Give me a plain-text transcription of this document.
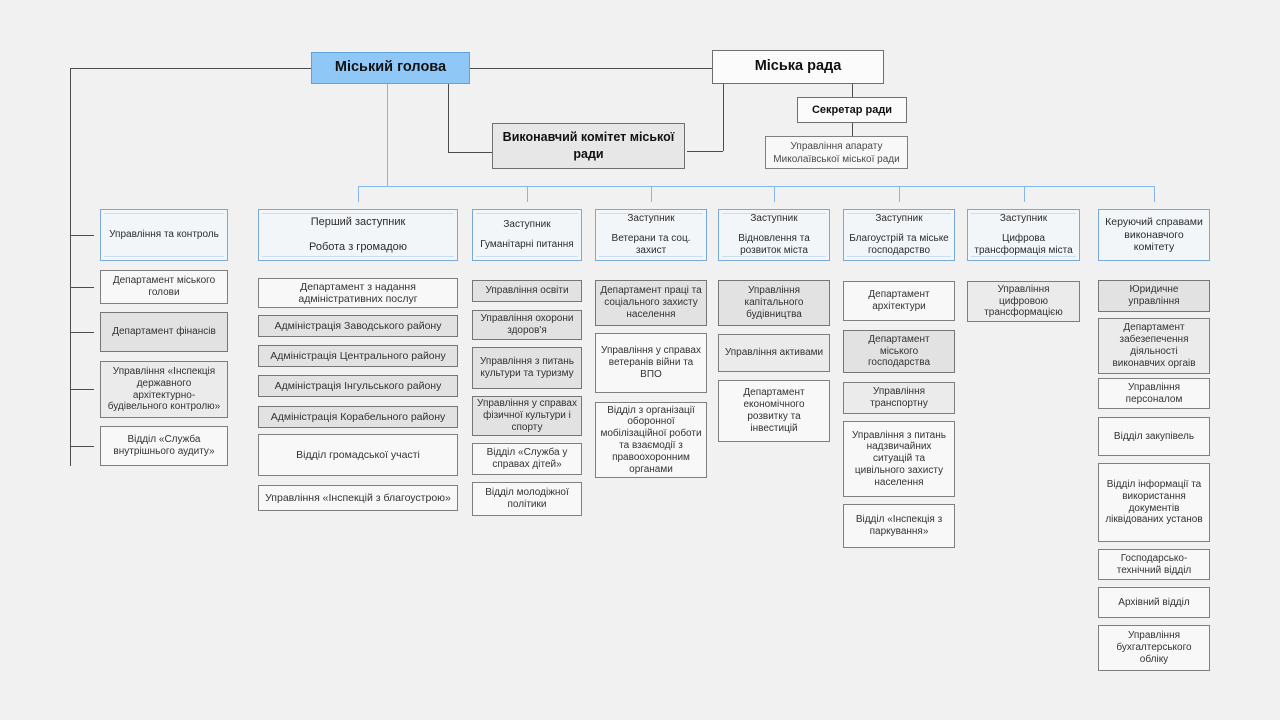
Міський голова	Міська рада
Виконавчий комітет міської ради
Секретар ради
Управління апарату Миколаївської міської ради
Управління та контроль
Перший заступник
Робота з громадою
Заступник
Гуманітарні питання
Заступник
Ветерани та соц. захист
Заступник
Відновлення та розвиток міста
Заступник
Благоустрій та міське господарство
Заступник
Цифрова трансформація міста
Керуючий справами виконавчого комітету
Департамент міського голови
Департамент фінансів
Управління «Інспекція державного архітектурно-будівельного контролю»
Відділ «Служба внутрішнього аудиту»
Департамент з надання адміністративних послуг
Адміністрація Заводського району
Адміністрація Центрального району
Адміністрація Інгульського району
Адміністрація Корабельного району
Відділ громадської участі
Управління «Інспекцій з благоустрою»
Управління освіти
Управління охорони здоров'я
Управління з питань культури та туризму
Управління у справах фізичної культури і спорту
Відділ «Служба у справах дітей»
Відділ молодіжної політики
Департамент праці та соціального захисту населення
Управління у справах ветеранів війни та ВПО
Відділ з організації оборонної мобілізаційної роботи та взаємодії з правоохоронним органами
Управління капітального будівництва
Управління активами
Департамент економічного розвитку та інвестицій
Департамент архітектури
Департамент міського господарства
Управління транспортну
Управління з питань надзвичайних ситуацій та цивільного захисту населення
Відділ «Інспекція з паркування»
Управління цифровою трансформацією
Юридичне управління
Департамент забезепечення діяльності виконавчих оргаів
Управління персоналом
Відділ закупівель
Відділ інформації та використання документів ліквідованих установ
Господарсько-технічний відділ
Архівний відділ
Управління бухгалтерського обліку
